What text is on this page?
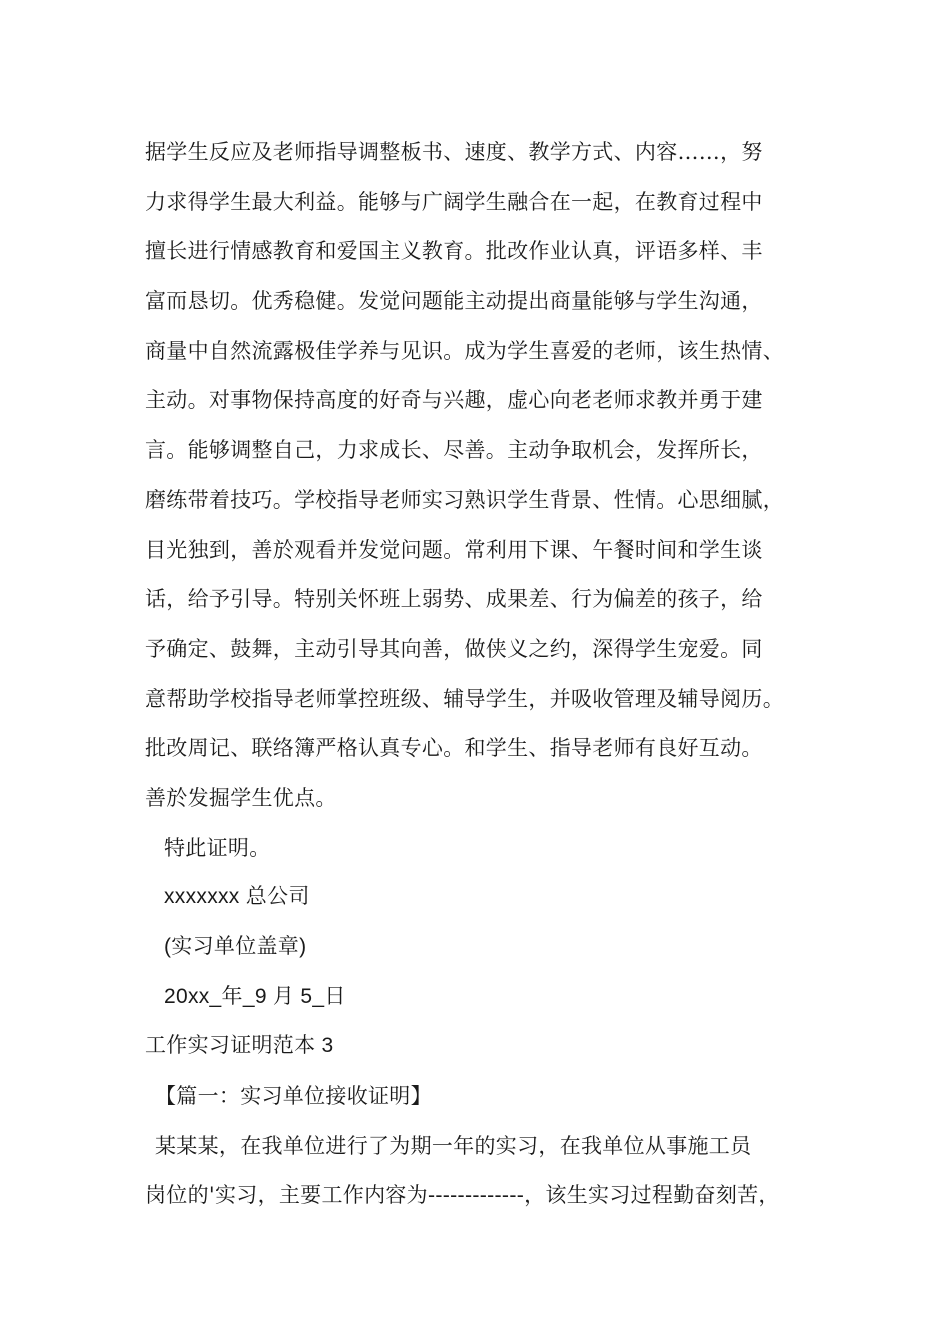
据学生反应及老师指导调整板书、速度、教学方式、内容……，努
力求得学生最大利益。能够与广阔学生融合在一起，在教育过程中
擅长进行情感教育和爱国主义教育。批改作业认真，评语多样、丰
富而恳切。优秀稳健。发觉问题能主动提出商量能够与学生沟通，
商量中自然流露极佳学养与见识。成为学生喜爱的老师，该生热情、
主动。对事物保持高度的好奇与兴趣，虚心向老老师求教并勇于建
言。能够调整自己，力求成长、尽善。主动争取机会，发挥所长，
磨练带着技巧。学校指导老师实习熟识学生背景、性情。心思细腻，
目光独到，善於观看并发觉问题。常利用下课、午餐时间和学生谈
话，给予引导。特别关怀班上弱势、成果差、行为偏差的孩子，给
予确定、鼓舞，主动引导其向善，做侠义之约，深得学生宠爱。同
意帮助学校指导老师掌控班级、辅导学生，并吸收管理及辅导阅历。
批改周记、联络簿严格认真专心。和学生、指导老师有良好互动。
善於发掘学生优点。
特此证明。
xxxxxxx 总公司
(实习单位盖章)
20xx_年_9 月 5_日
工作实习证明范本 3
【篇一：实习单位接收证明】
某某某，在我单位进行了为期一年的实习，在我单位从事施工员
岗位的'实习，主要工作内容为-------------，该生实习过程勤奋刻苦，
